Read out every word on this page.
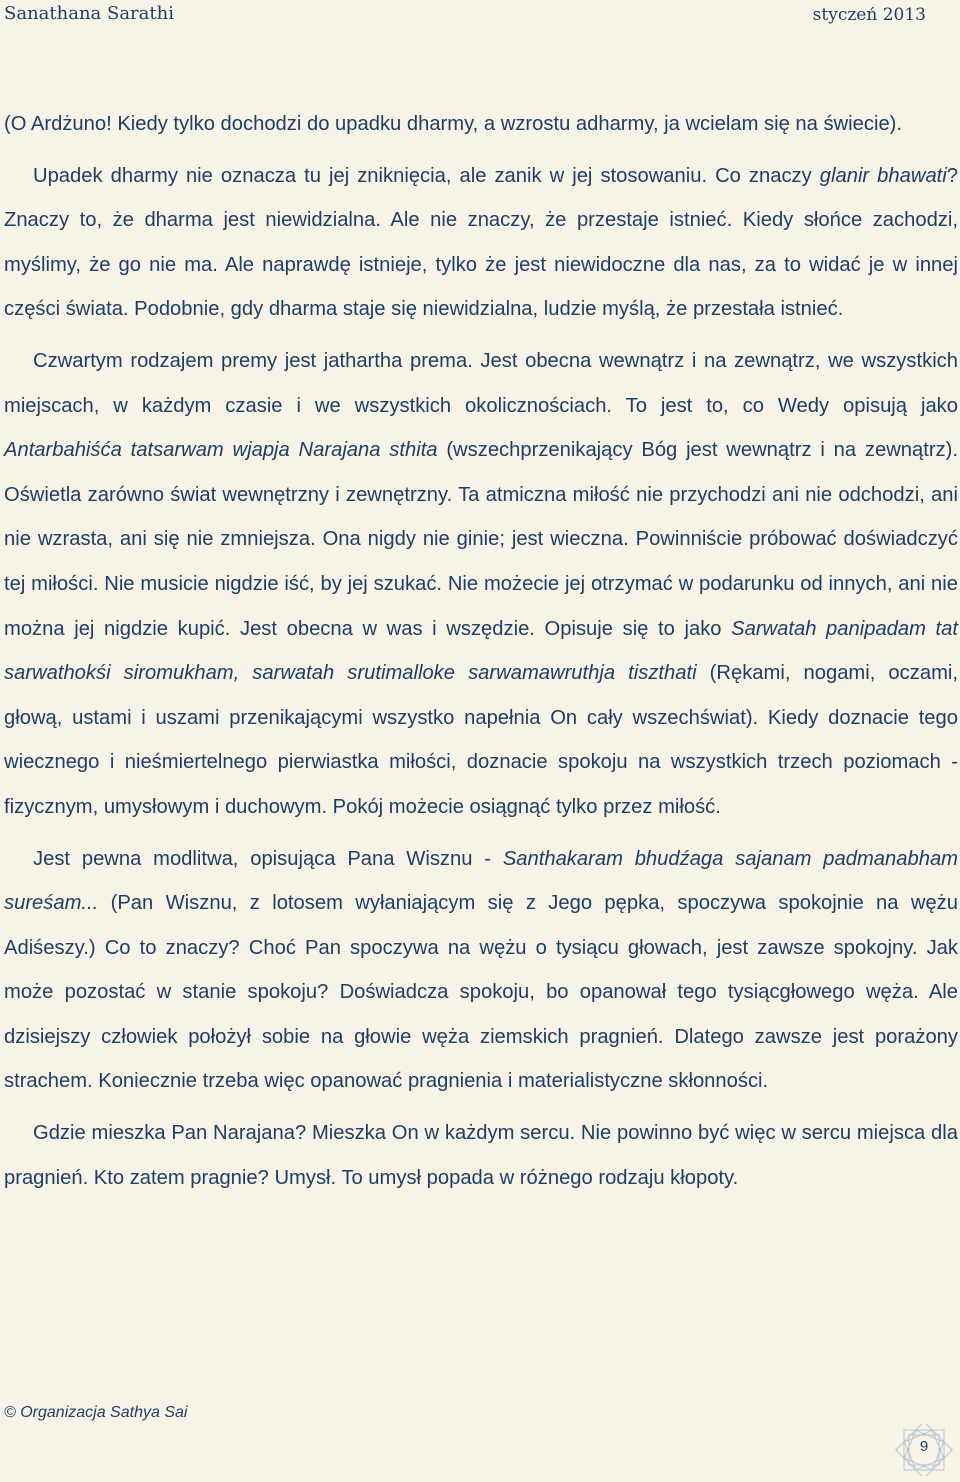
Sanathana Sarathi	styczeń 2013

(O Ardżuno! Kiedy tylko dochodzi do upadku dharmy, a wzrostu adharmy, ja wcielam się na świecie).

Upadek dharmy nie oznacza tu jej zniknięcia, ale zanik w jej stosowaniu. Co znaczy glanir bhawati? Znaczy to, że dharma jest niewidzialna. Ale nie znaczy, że przestaje istnieć. Kiedy słońce zachodzi, myślimy, że go nie ma. Ale naprawdę istnieje, tylko że jest niewidoczne dla nas, za to widać je w innej części świata. Podobnie, gdy dharma staje się niewidzialna, ludzie myślą, że przestała istnieć.

Czwartym rodzajem premy jest jathartha prema. Jest obecna wewnątrz i na zewnątrz, we wszystkich miejscach, w każdym czasie i we wszystkich okolicznościach. To jest to, co Wedy opisują jako Antarbahiśća tatsarwam wjapja Narajana sthita (wszechprzenikający Bóg jest wewnątrz i na zewnątrz). Oświetla zarówno świat wewnętrzny i zewnętrzny. Ta atmiczna miłość nie przychodzi ani nie odchodzi, ani nie wzrasta, ani się nie zmniejsza. Ona nigdy nie ginie; jest wieczna. Powinniście próbować doświadczyć tej miłości. Nie musicie nigdzie iść, by jej szukać. Nie możecie jej otrzymać w podarunku od innych, ani nie można jej nigdzie kupić. Jest obecna w was i wszędzie. Opisuje się to jako Sarwatah panipadam tat sarwathokśi siromukham, sarwatah srutimalloke sarwamawruthja tiszthati (Rękami, nogami, oczami, głową, ustami i uszami przenikającymi wszystko napełnia On cały wszechświat). Kiedy doznacie tego wiecznego i nieśmiertelnego pierwiastka miłości, doznacie spokoju na wszystkich trzech poziomach - fizycznym, umysłowym i duchowym. Pokój możecie osiągnąć tylko przez miłość.

Jest pewna modlitwa, opisująca Pana Wisznu - Santhakaram bhudźaga sajanam padmanabham sureśam... (Pan Wisznu, z lotosem wyłaniającym się z Jego pępka, spoczywa spokojnie na wężu Adiśeszy.) Co to znaczy? Choć Pan spoczywa na wężu o tysiącu głowach, jest zawsze spokojny. Jak może pozostać w stanie spokoju? Doświadcza spokoju, bo opanował tego tysiącgłowego węża. Ale dzisiejszy człowiek położył sobie na głowie węża ziemskich pragnień. Dlatego zawsze jest porażony strachem. Koniecznie trzeba więc opanować pragnienia i materialistyczne skłonności.

Gdzie mieszka Pan Narajana? Mieszka On w każdym sercu. Nie powinno być więc w sercu miejsca dla pragnień. Kto zatem pragnie? Umysł. To umysł popada w różnego rodzaju kłopoty.

© Organizacja Sathya Sai
9
